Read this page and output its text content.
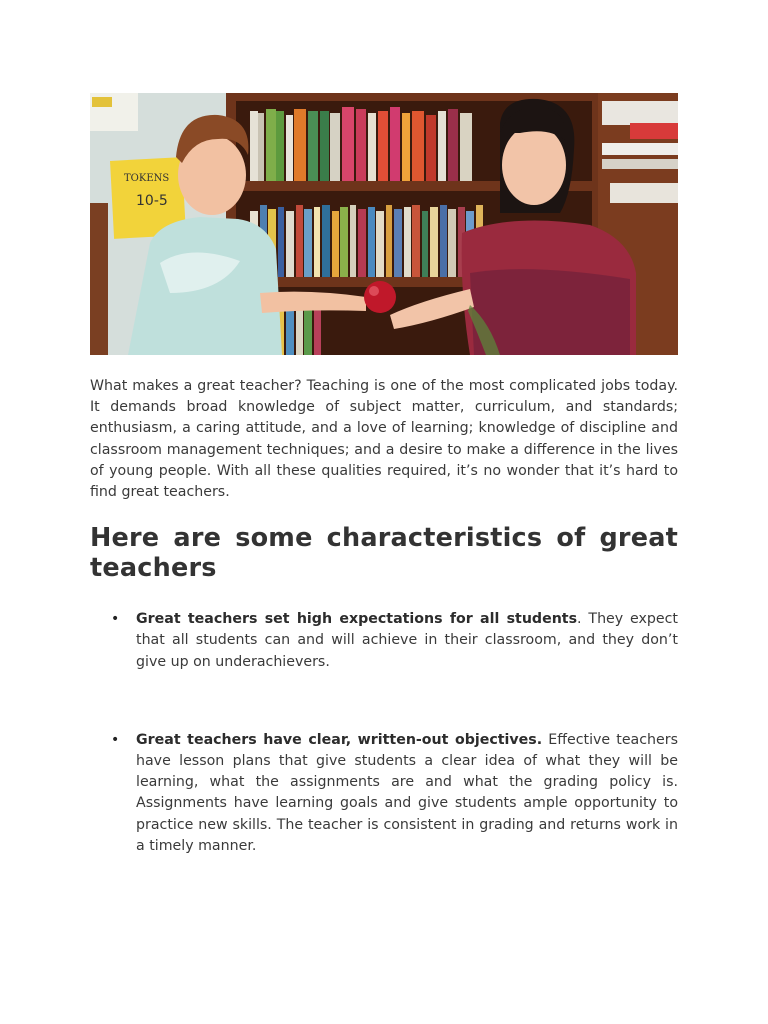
TOKENS
10-5

What makes a great teacher? Teaching is one of the most complicated jobs today. It demands broad knowledge of subject matter, curriculum, and standards; enthusiasm, a caring attitude, and a love of learning; knowledge of discipline and classroom management techniques; and a desire to make a difference in the lives of young people. With all these qualities required, it’s no wonder that it’s hard to find great teachers.

Here are some characteristics of great teachers
• Great teachers set high expectations for all students. They expect that all students can and will achieve in their classroom, and they don’t give up on underachievers.
• Great teachers have clear, written-out objectives. Effective teachers have lesson plans that give students a clear idea of what they will be learning, what the assignments are and what the grading policy is. Assignments have learning goals and give students ample opportunity to practice new skills. The teacher is consistent in grading and returns work in a timely manner.
